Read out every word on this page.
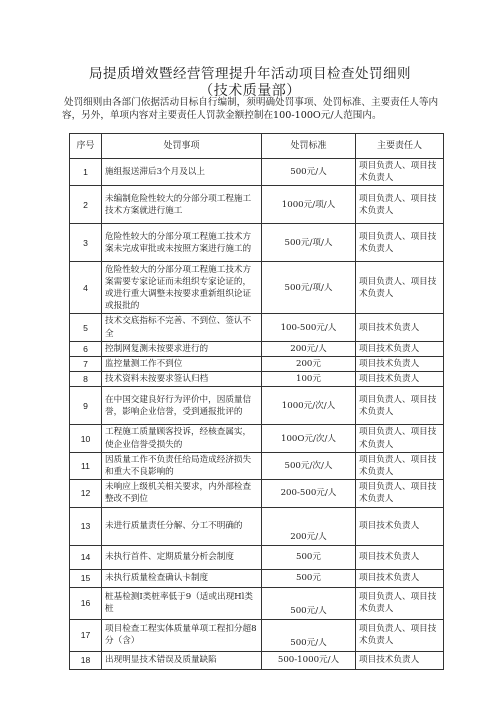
局提质增效暨经营管理提升年活动项目检查处罚细则
（技术质量部）
处罚细则由各部门依据活动目标自行编制，须明确处罚事项、处罚标准、主要责任人等内容，另外，单项内容对主要责任人罚款金额控制在100-100O元/人范围内。
序号	处罚事项	处罚标准	主要责任人
1	施组报送滞后3个月及以上	500元/人	项目负责人、项目技术负责人
2	未编制危险性较大的分部分项工程施工技术方案就进行施工	1000元/项/人	项目负责人、项目技术负责人
3	危险性较大的分部分项工程施工技术方案未完成审批或未按照方案进行施工的	500元/项/人	项目负责人、项目技术负责人
4	危险性较大的分部分项工程施工技术方案需要专家论证而未组织专家论证的，或进行重大调整未按要求重新组织论证或报批的	500元/项/人	项目负责人、项目技术负责人
5	技术交底指标不完善、不到位、签认不全	100-500元/人	项目技术负责人
6	控制网复测未按要求进行的	200元/人	项目技术负责人
7	监控量测工作不到位	200元	项目技术负责人
8	技术资料未按要求签认归档	100元	项目技术负责人
9	在中国交建良好行为评价中，因质量信誉，影响企业信誉，受到通报批评的	1000元/次/人	项目负责人、项目技术负责人
10	工程施工质量顾客投诉，经核查属实，使企业信誉受损失的	100O元/次/人	项目负责人、项目技术负责人
11	因质量工作不负责任给局造成经济损失和重大不良影响的	500元/次/人	项目负责人、项目技术负责人
12	未响应上级机关相关要求，内外部检查整改不到位	200-500元/人	项目负责人、项目技术负责人
13	未进行质量责任分解、分工不明确的	200元/人	项目技术负责人
14	未执行首件、定期质量分析会制度	500元	项目技术负责人
15	未执行质量检查确认卡制度	500元	项目技术负责人
16	桩基检测I类桩率低于9（适或出现Hl类桩	500元/人	项目负责人、项目技术负责人
17	项目检查工程实体质量单项工程扣分超8分（含）	500元/人	项目负责人、项目技术负责人
18	出现明显技术错误及质量缺陷	500-1000元/人	项目技术负责人
